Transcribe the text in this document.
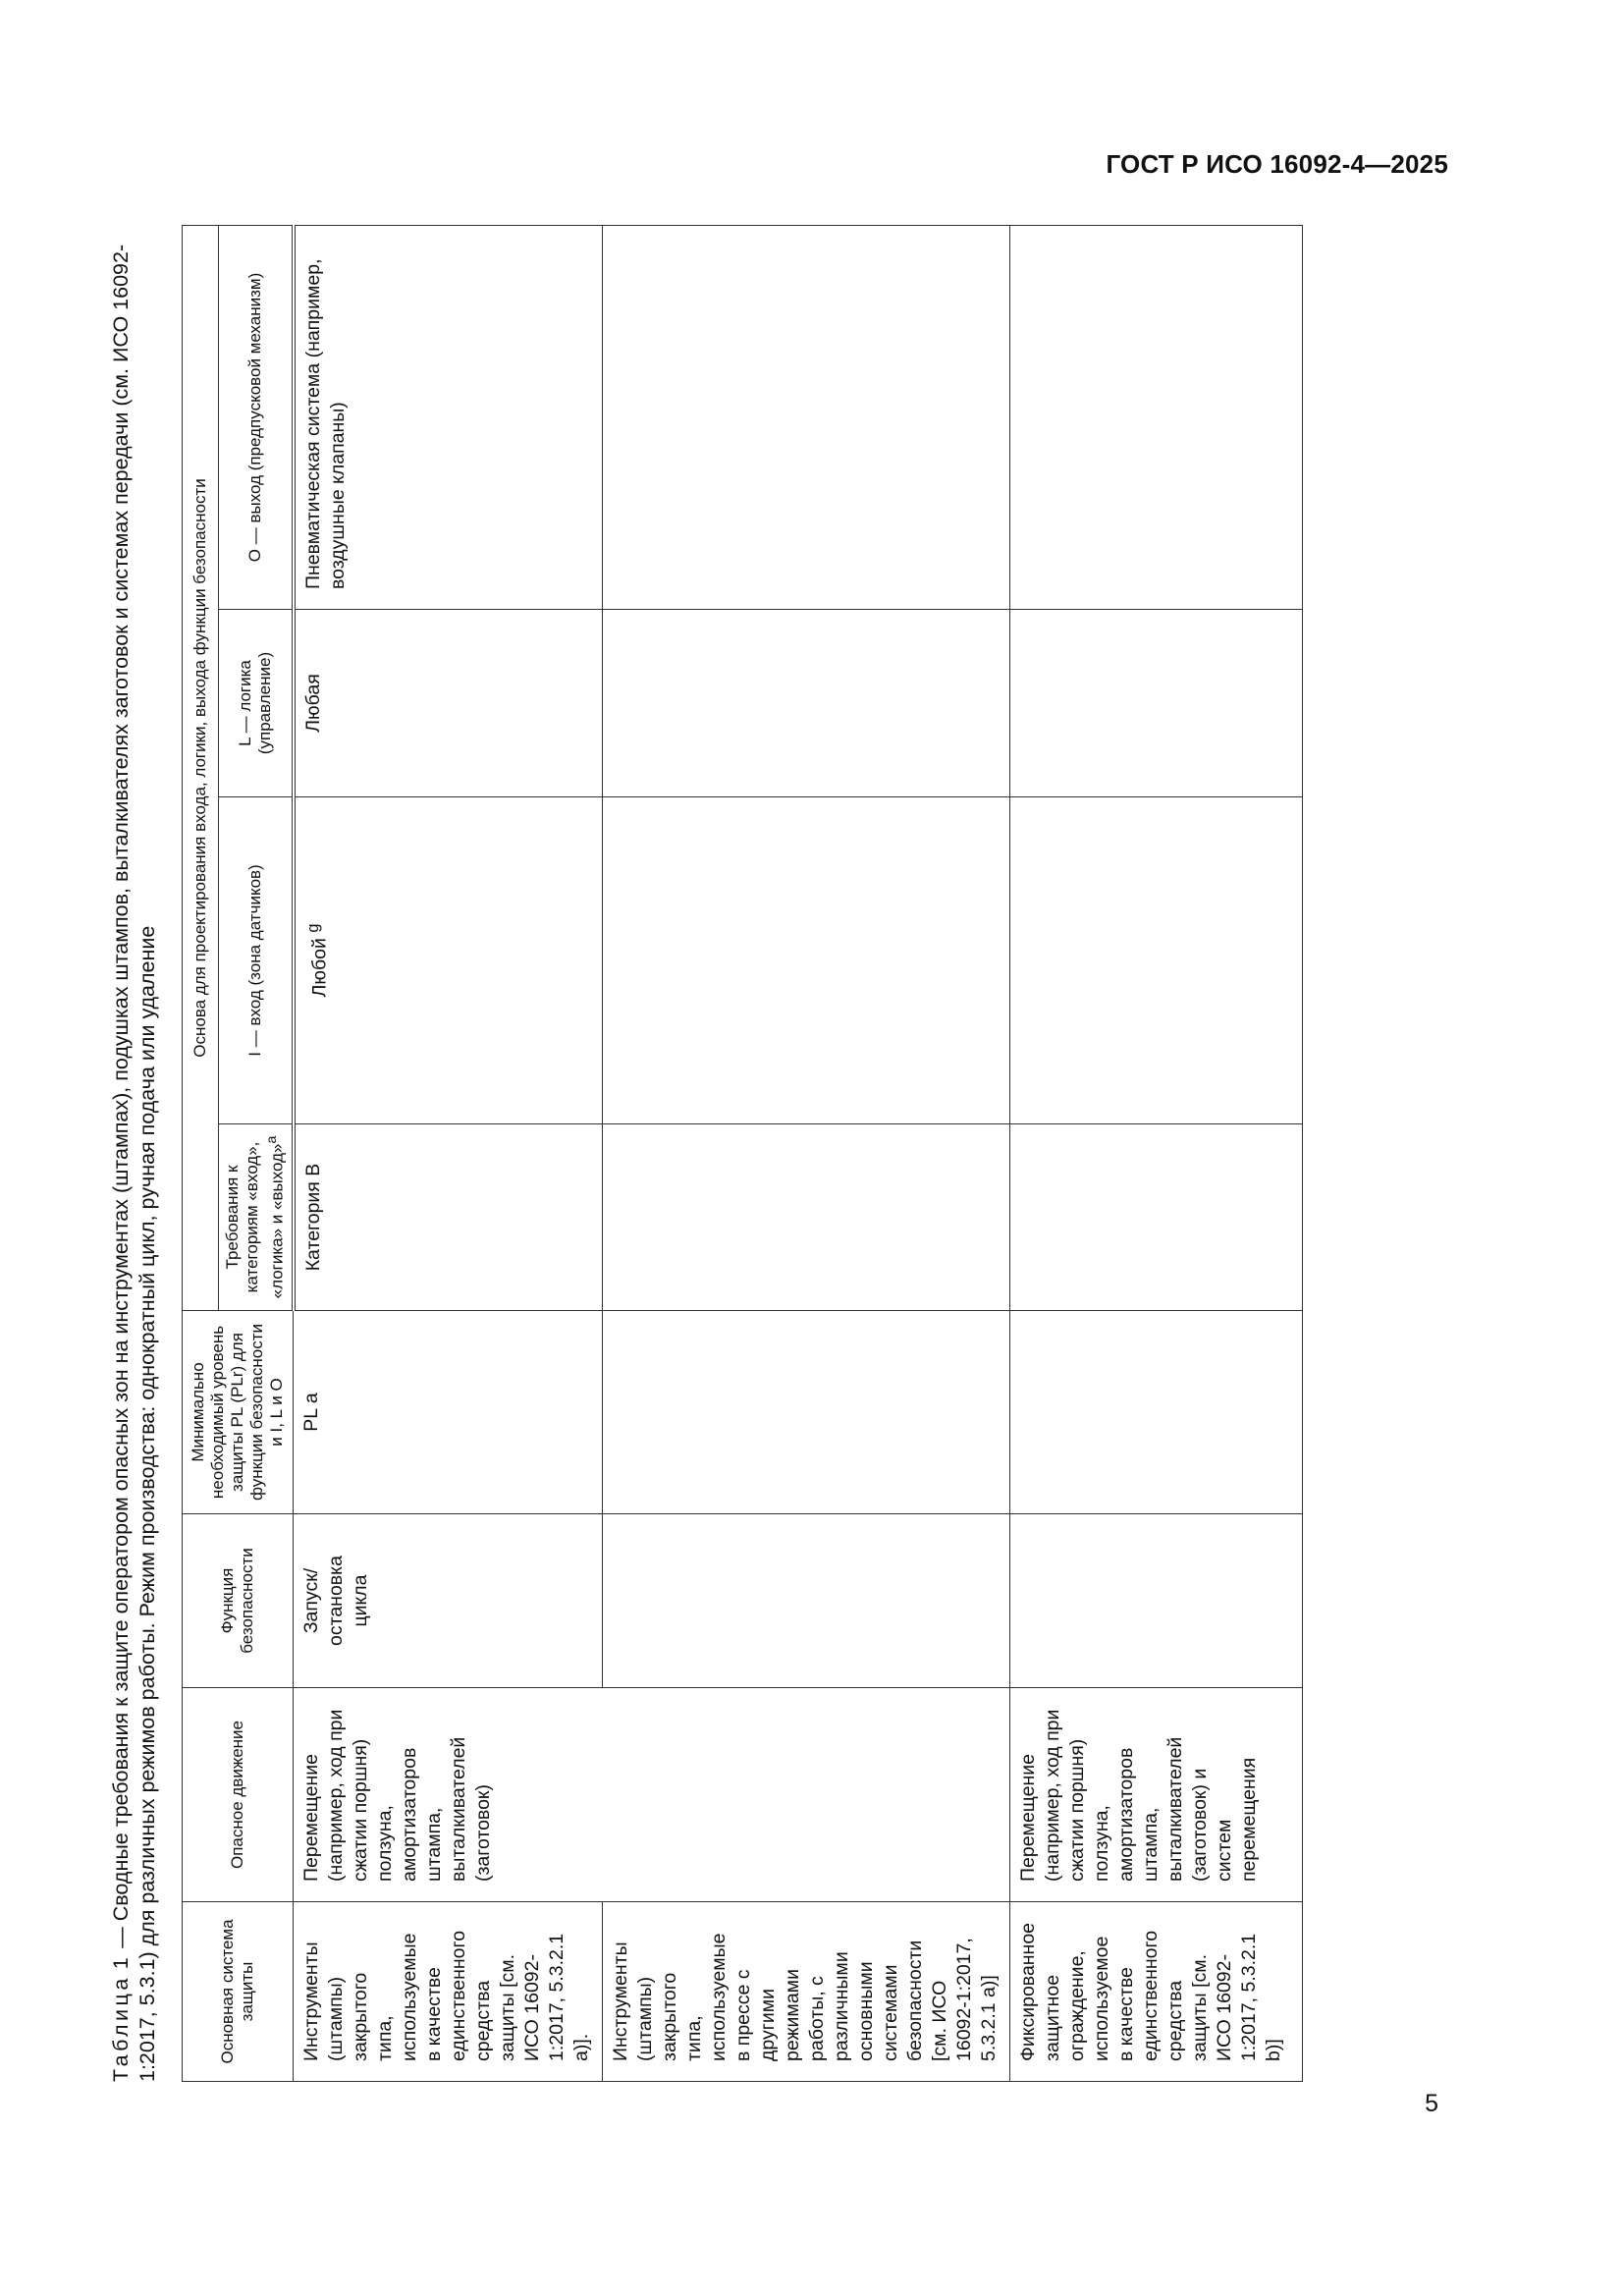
ГОСТ Р ИСО 16092-4—2025
Таблица 1 — Сводные требования к защите оператором опасных зон на инструментах (штампах), подушках штампов, выталкивателях заготовок и системах передачи (см. ИСО 16092-1:2017, 5.3.1) для различных режимов работы. Режим производства: однократный цикл, ручная подача или удаление	Основная система защиты	Опасное движение	Функция безопасности	Минимально необходимый уровень защиты PL (PLr) для функции безопасности и I, L и O	Основа для проектирования входа, логики, выхода функции безопасности			
				Требования к категориям «вход», «логика» и «выход»$^a$	I — вход (зона датчиков)	L — логика (управление)	O — выход (предпусковой механизм)

Инструменты (штампы) закрытого типа, используемые в качестве единственного средства защиты [см. ИСО 16092-1:2017, 5.3.2.1 a)].	Перемещение (например, ход при сжатии поршня) ползуна, амортизаторов штампа, выталкивателей (заготовок)	Запуск/остановка цикла	PL a	Категория B	Любой $^g$	Любая	Пневматическая система (например, воздушные клапаны)

Инструменты (штампы) закрытого типа, используемые в прессе с другими режимами работы, с различными основными системами безопасности [см. ИСО 16092-1:2017, 5.3.2.1 a)]							

Фиксированное защитное ограждение, используемое в качестве единственного средства защиты [см. ИСО 16092-1:2017, 5.3.2.1 b)]	Перемещение (например, ход при сжатии поршня) ползуна, амортизаторов штампа, выталкивателей (заготовок) и систем перемещения						

5
